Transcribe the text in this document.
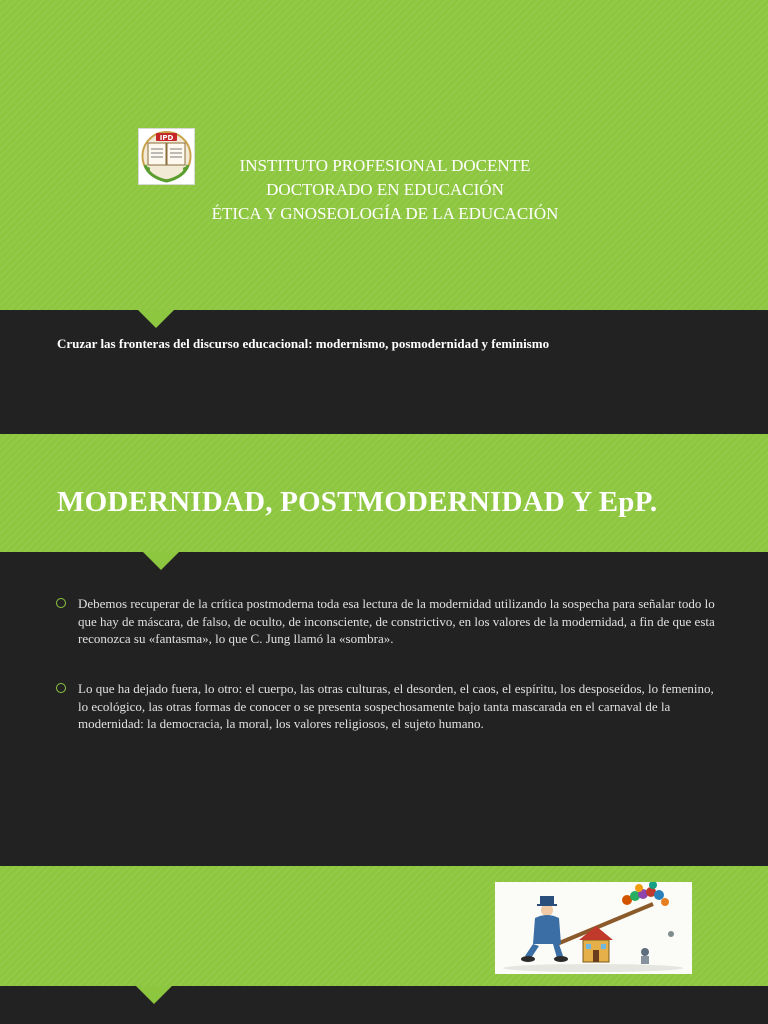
IPD
INSTITUTO PROFESIONAL DOCENTE
DOCTORADO EN EDUCACIÓN
ÉTICA Y GNOSEOLOGÍA DE LA EDUCACIÓN
Cruzar las fronteras del discurso educacional: modernismo, posmodernidad y feminismo
MODERNIDAD, POSTMODERNIDAD Y EpP.
Debemos recuperar de la crítica postmoderna toda esa lectura de la modernidad utilizando la sospecha para señalar todo lo que hay de máscara, de falso, de oculto, de inconsciente, de constrictivo, en los valores de la modernidad, a fin de que esta reconozca su «fantasma», lo que C. Jung llamó la «sombra».
Lo que ha dejado fuera, lo otro: el cuerpo, las otras culturas, el desorden, el caos, el espíritu, los desposeídos, lo femenino, lo ecológico, las otras formas de conocer o se presenta sospechosamente bajo tanta mascarada en el carnaval de la modernidad: la democracia, la moral, los valores religiosos, el sujeto humano.
